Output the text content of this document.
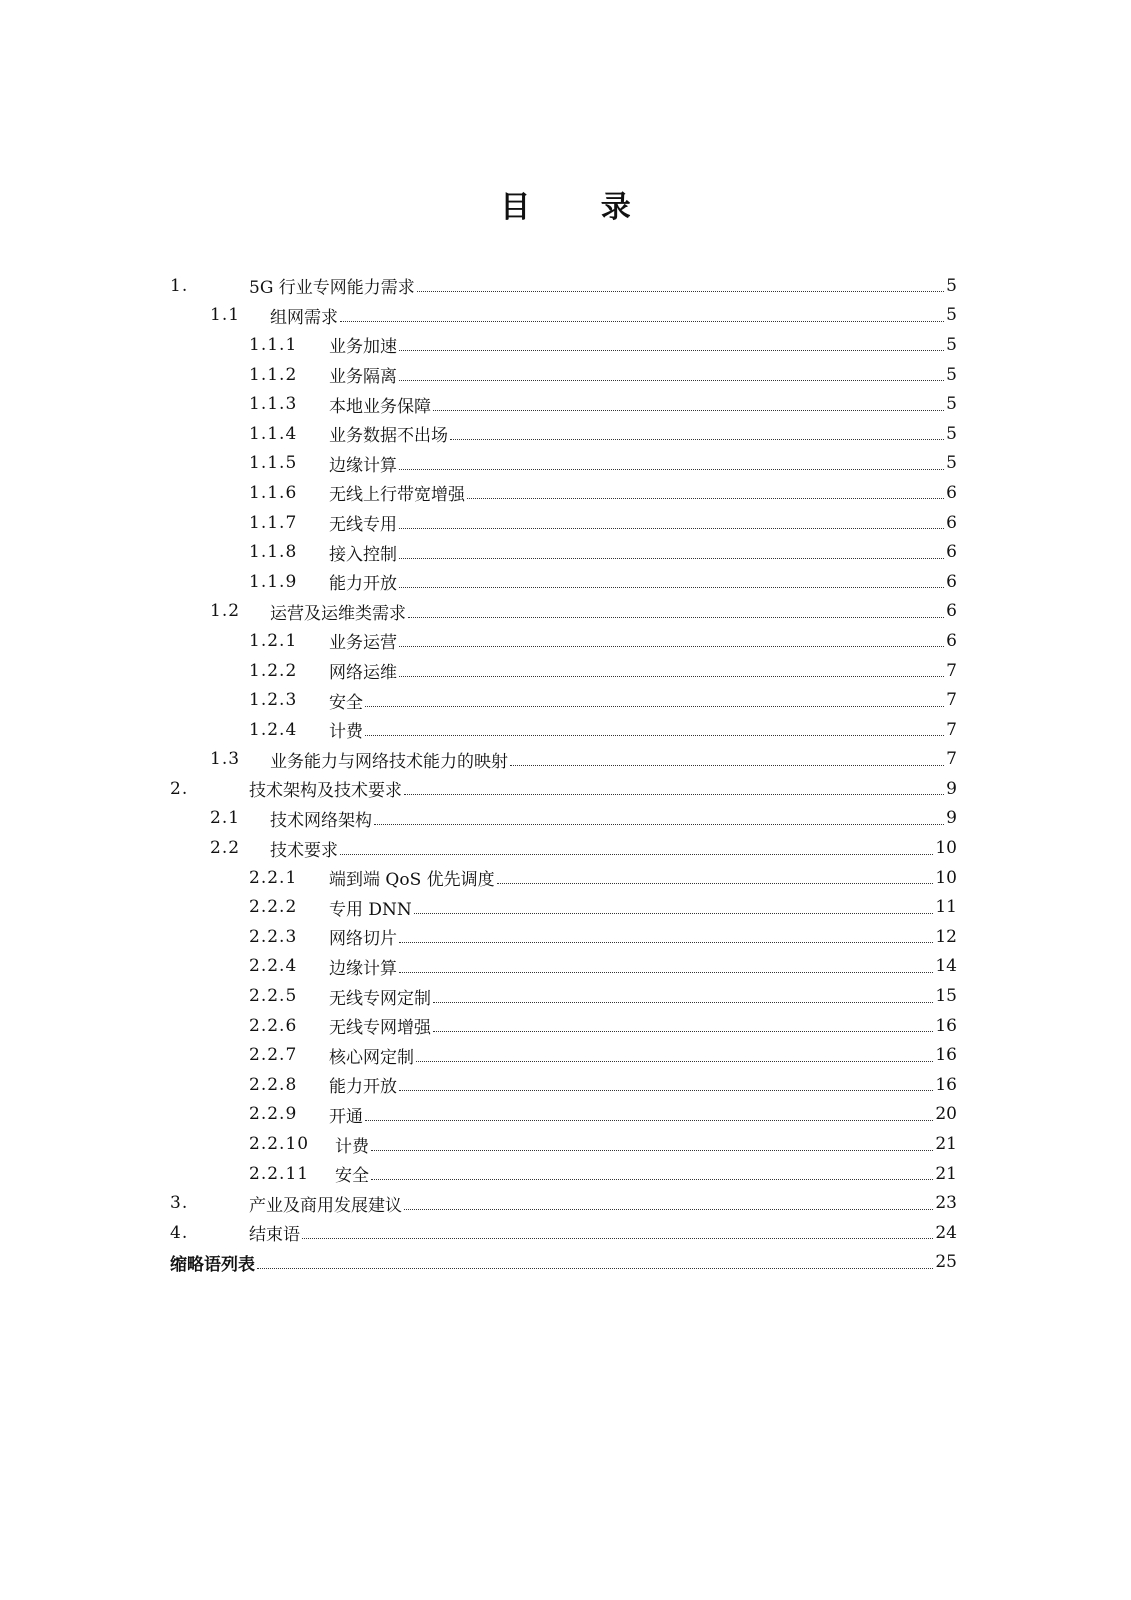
目 录
1.	5G 行业专网能力需求	5
1.1	组网需求	5
1.1.1	业务加速	5
1.1.2	业务隔离	5
1.1.3	本地业务保障	5
1.1.4	业务数据不出场	5
1.1.5	边缘计算	5
1.1.6	无线上行带宽增强	6
1.1.7	无线专用	6
1.1.8	接入控制	6
1.1.9	能力开放	6
1.2	运营及运维类需求	6
1.2.1	业务运营	6
1.2.2	网络运维	7
1.2.3	安全	7
1.2.4	计费	7
1.3	业务能力与网络技术能力的映射	7
2.	技术架构及技术要求	9
2.1	技术网络架构	9
2.2	技术要求	10
2.2.1	端到端 QoS 优先调度	10
2.2.2	专用 DNN	11
2.2.3	网络切片	12
2.2.4	边缘计算	14
2.2.5	无线专网定制	15
2.2.6	无线专网增强	16
2.2.7	核心网定制	16
2.2.8	能力开放	16
2.2.9	开通	20
2.2.10	计费	21
2.2.11	安全	21
3.	产业及商用发展建议	23
4.	结束语	24
缩略语列表	25
